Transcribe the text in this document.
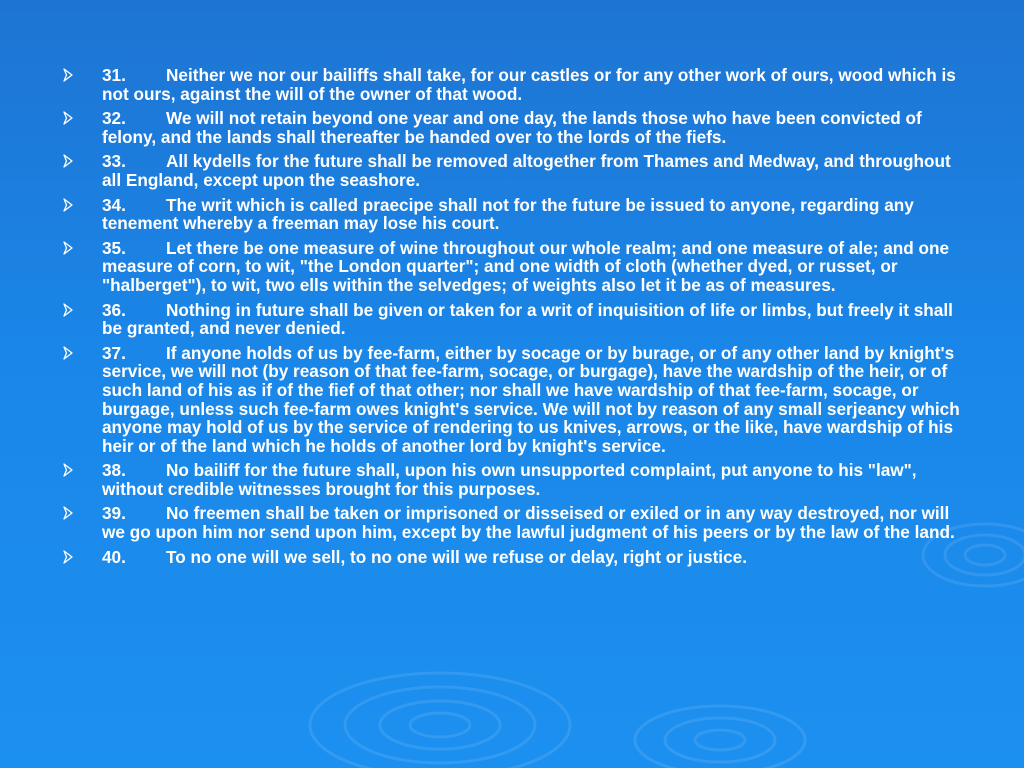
31. Neither we nor our bailiffs shall take, for our castles or for any other work of ours, wood which is not ours, against the will of the owner of that wood.
32. We will not retain beyond one year and one day, the lands those who have been convicted of felony, and the lands shall thereafter be handed over to the lords of the fiefs.
33. All kydells for the future shall be removed altogether from Thames and Medway, and throughout all England, except upon the seashore.
34. The writ which is called praecipe shall not for the future be issued to anyone, regarding any tenement whereby a freeman may lose his court.
35. Let there be one measure of wine throughout our whole realm; and one measure of ale; and one measure of corn, to wit, "the London quarter"; and one width of cloth (whether dyed, or russet, or "halberget"), to wit, two ells within the selvedges; of weights also let it be as of measures.
36. Nothing in future shall be given or taken for a writ of inquisition of life or limbs, but freely it shall be granted, and never denied.
37. If anyone holds of us by fee-farm, either by socage or by burage, or of any other land by knight's service, we will not (by reason of that fee-farm, socage, or burgage), have the wardship of the heir, or of such land of his as if of the fief of that other; nor shall we have wardship of that fee-farm, socage, or burgage, unless such fee-farm owes knight's service. We will not by reason of any small serjeancy which anyone may hold of us by the service of rendering to us knives, arrows, or the like, have wardship of his heir or of the land which he holds of another lord by knight's service.
38. No bailiff for the future shall, upon his own unsupported complaint, put anyone to his "law", without credible witnesses brought for this purposes.
39. No freemen shall be taken or imprisoned or disseised or exiled or in any way destroyed, nor will we go upon him nor send upon him, except by the lawful judgment of his peers or by the law of the land.
40. To no one will we sell, to no one will we refuse or delay, right or justice.
